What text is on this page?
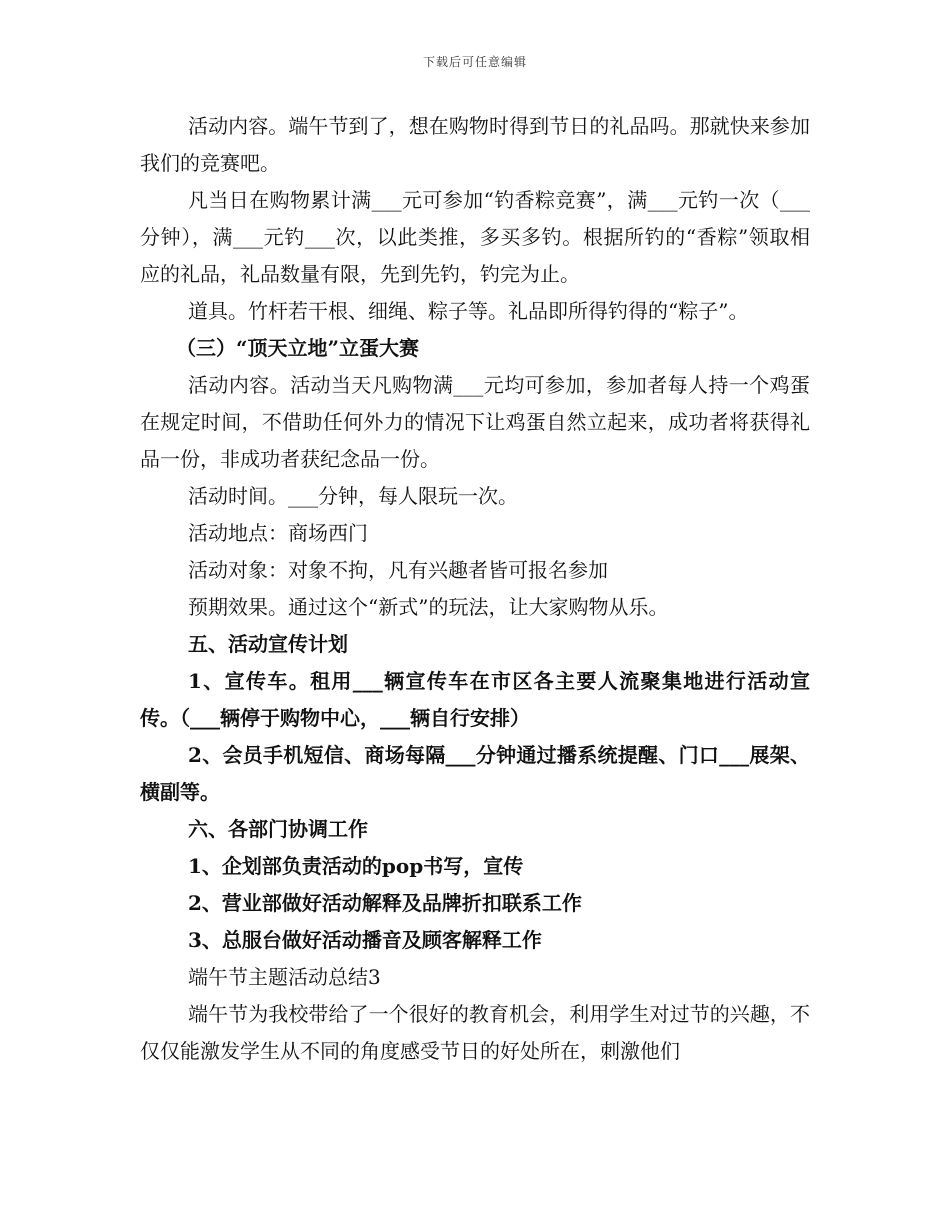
下载后可任意编辑

活动内容。端午节到了，想在购物时得到节日的礼品吗。那就快来参加我们的竞赛吧。

凡当日在购物累计满___元可参加“钓香粽竞赛”，满___元钓一次（___分钟），满___元钓___次，以此类推，多买多钓。根据所钓的“香粽”领取相应的礼品，礼品数量有限，先到先钓，钓完为止。

道具。竹杆若干根、细绳、粽子等。礼品即所得钓得的“粽子”。

（三）“顶天立地”立蛋大赛

活动内容。活动当天凡购物满___元均可参加，参加者每人持一个鸡蛋在规定时间，不借助任何外力的情况下让鸡蛋自然立起来，成功者将获得礼品一份，非成功者获纪念品一份。

活动时间。___分钟，每人限玩一次。

活动地点：商场西门

活动对象：对象不拘，凡有兴趣者皆可报名参加

预期效果。通过这个“新式”的玩法，让大家购物从乐。

五、活动宣传计划

1、宣传车。租用___辆宣传车在市区各主要人流聚集地进行活动宣传。（___辆停于购物中心，___辆自行安排）

2、会员手机短信、商场每隔___分钟通过播系统提醒、门口___展架、横副等。

六、各部门协调工作

1、企划部负责活动的pop书写，宣传

2、营业部做好活动解释及品牌折扣联系工作

3、总服台做好活动播音及顾客解释工作

端午节主题活动总结3

端午节为我校带给了一个很好的教育机会，利用学生对过节的兴趣，不仅仅能激发学生从不同的角度感受节日的好处所在，刺激他们
